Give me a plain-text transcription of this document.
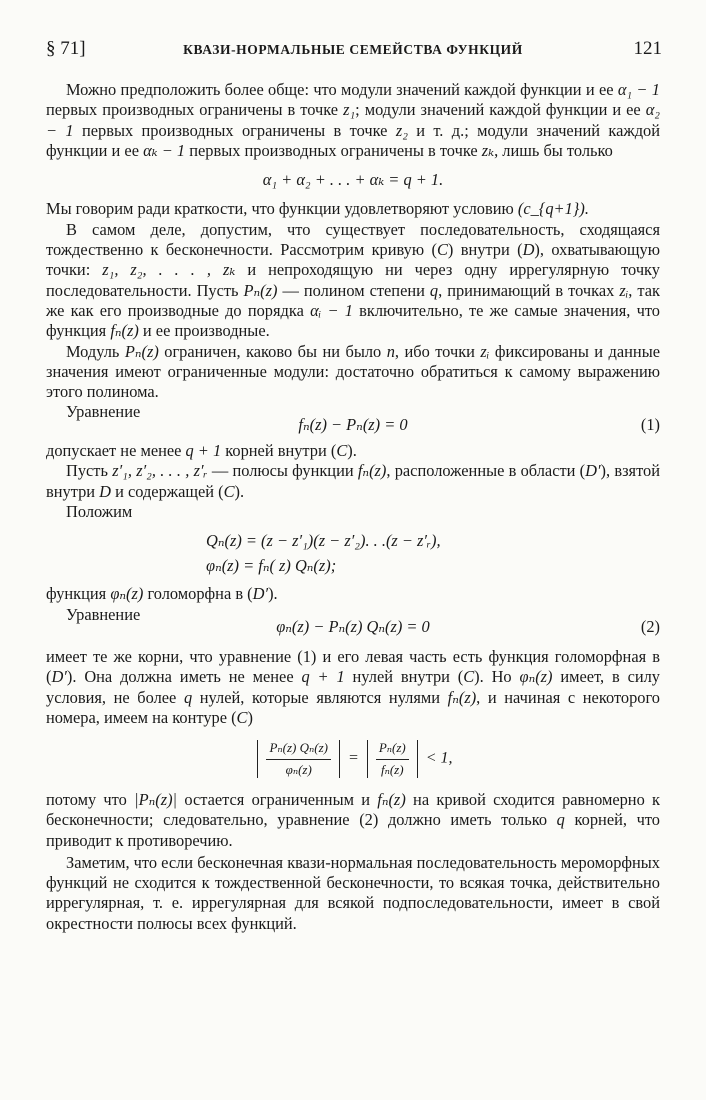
§ 71]	КВАЗИ-НОРМАЛЬНЫЕ СЕМЕЙСТВА ФУНКЦИЙ	121

Можно предположить более обще: что модули значений каждой функции и ее α₁ − 1 первых производных ограничены в точке z₁; модули значений каждой функции и ее α₂ − 1 первых производных ограничены в точке z₂ и т. д.; модули значений каждой функции и ее αₖ − 1 первых производных ограничены в точке zₖ, лишь бы только

α₁ + α₂ + . . . + αₖ = q + 1.

Мы говорим ради краткости, что функции удовлетворяют условию (c_{q+1}).

В самом деле, допустим, что существует последовательность, сходящаяся тождественно к бесконечности. Рассмотрим кривую (C) внутри (D), охватывающую точки: z₁, z₂, . . . , zₖ и непроходящую ни через одну иррегулярную точку последовательности. Пусть Pₙ(z) — полином степени q, принимающий в точках zᵢ, так же как его производные до порядка αᵢ − 1 включительно, те же самые значения, что функция fₙ(z) и ее производные.

Модуль Pₙ(z) ограничен, каково бы ни было n, ибо точки zᵢ фиксированы и данные значения имеют ограниченные модули: достаточно обратиться к самому выражению этого полинома.

Уравнение

fₙ(z) − Pₙ(z) = 0	(1)

допускает не менее q + 1 корней внутри (C).

Пусть z′₁, z′₂, . . . , z′ᵣ — полюсы функции fₙ(z), расположенные в области (D′), взятой внутри D и содержащей (C).

Положим

Qₙ(z) = (z − z′₁)(z − z′₂). . .(z − z′ᵣ),
φₙ(z) = fₙ( z) Qₙ(z);

функция φₙ(z) голоморфна в (D′).

Уравнение

φₙ(z) − Pₙ(z) Qₙ(z) = 0	(2)

имеет те же корни, что уравнение (1) и его левая часть есть функция голоморфная в (D′). Она должна иметь не менее q + 1 нулей внутри (C). Но φₙ(z) имеет, в силу условия, не более q нулей, которые являются нулями fₙ(z), и начиная с некоторого номера, имеем на контуре (C)

$\frac{\text{Pₙ(z) Qₙ(z)}}{\text{φₙ(z)}} = \frac{\text{Pₙ(z)}}{\text{fₙ(z)}} < 1$,

потому что |Pₙ(z)| остается ограниченным и fₙ(z) на кривой сходится равномерно к бесконечности; следовательно, уравнение (2) должно иметь только q корней, что приводит к противоречию.

Заметим, что если бесконечная квази-нормальная последовательность мероморфных функций не сходится к тождественной бесконечности, то всякая точка, действительно иррегулярная, т. е. иррегулярная для всякой подпоследовательности, имеет в свой окрестности полюсы всех функций.
